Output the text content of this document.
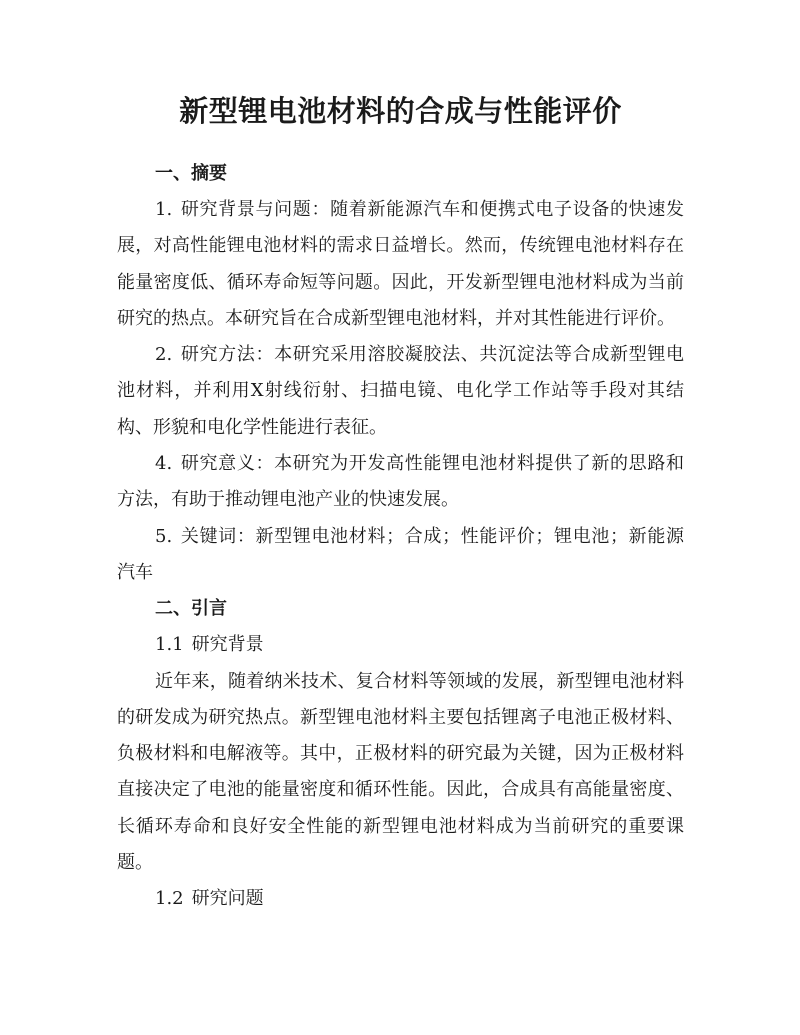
新型锂电池材料的合成与性能评价
一、摘要

1. 研究背景与问题：随着新能源汽车和便携式电子设备的快速发展，对高性能锂电池材料的需求日益增长。然而，传统锂电池材料存在能量密度低、循环寿命短等问题。因此，开发新型锂电池材料成为当前研究的热点。本研究旨在合成新型锂电池材料，并对其性能进行评价。

2. 研究方法：本研究采用溶胶凝胶法、共沉淀法等合成新型锂电池材料，并利用X射线衍射、扫描电镜、电化学工作站等手段对其结构、形貌和电化学性能进行表征。

4. 研究意义：本研究为开发高性能锂电池材料提供了新的思路和方法，有助于推动锂电池产业的快速发展。

5. 关键词：新型锂电池材料；合成；性能评价；锂电池；新能源汽车

二、引言

1.1 研究背景

近年来，随着纳米技术、复合材料等领域的发展，新型锂电池材料的研发成为研究热点。新型锂电池材料主要包括锂离子电池正极材料、负极材料和电解液等。其中，正极材料的研究最为关键，因为正极材料直接决定了电池的能量密度和循环性能。因此，合成具有高能量密度、长循环寿命和良好安全性能的新型锂电池材料成为当前研究的重要课题。

1.2 研究问题
